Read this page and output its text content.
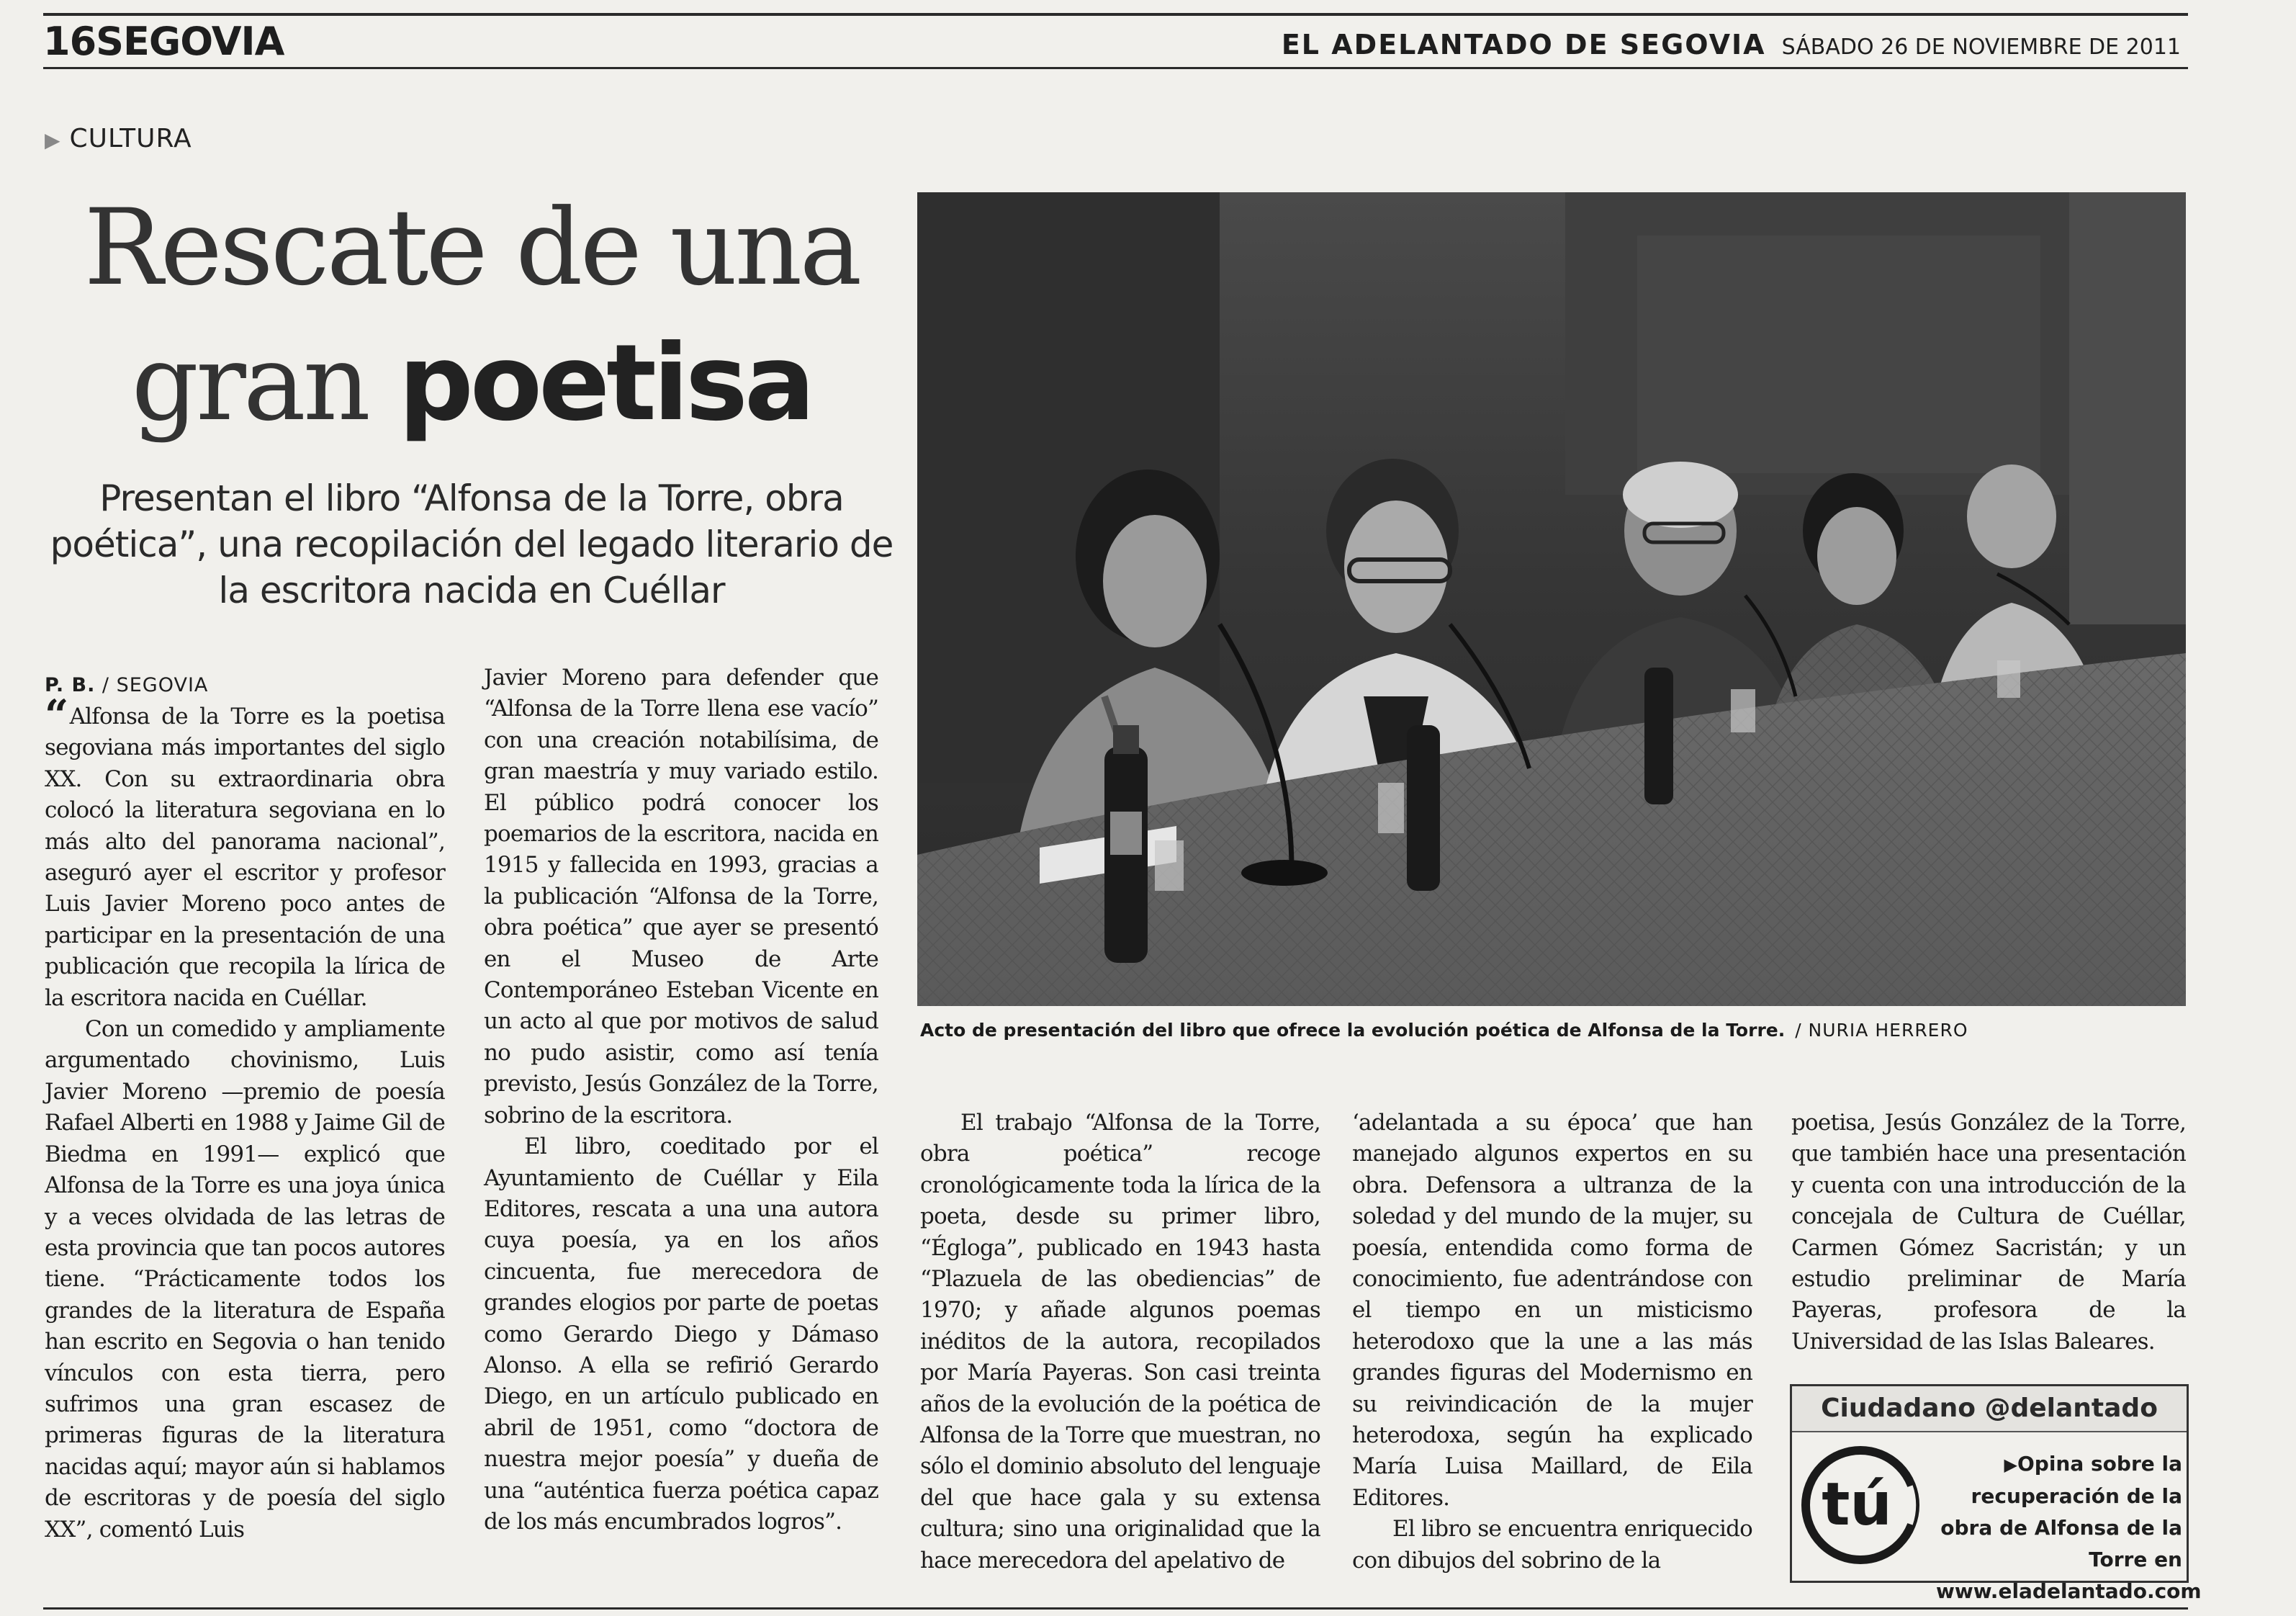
16SEGOVIA	EL ADELANTADO DE SEGOVIA SÁBADO 26 DE NOVIEMBRE DE 2011
▶ CULTURA
Rescate de una
gran poetisa
Presentan el libro “Alfonsa de la Torre, obra poética”, una recopilación del legado literario de la escritora nacida en Cuéllar
Acto de presentación del libro que ofrece la evolución poética de Alfonsa de la Torre. / NURIA HERRERO
P. B. / SEGOVIA

“Alfonsa de la Torre es la poetisa segoviana más importantes del siglo XX. Con su extraordinaria obra colocó la literatura segoviana en lo más alto del panorama nacional”, aseguró ayer el escritor y profesor Luis Javier Moreno poco antes de participar en la presentación de una publicación que recopila la lírica de la escritora nacida en Cuéllar.

Con un comedido y ampliamente argumentado chovinismo, Luis Javier Moreno —premio de poesía Rafael Alberti en 1988 y Jaime Gil de Biedma en 1991— explicó que Alfonsa de la Torre es una joya única y a veces olvidada de las letras de esta provincia que tan pocos autores tiene. “Prácticamente todos los grandes de la literatura de España han escrito en Segovia o han tenido vínculos con esta tierra, pero sufrimos una gran escasez de primeras figuras de la literatura nacidas aquí; mayor aún si hablamos de escritoras y de poesía del siglo XX”, comentó Luis

Javier Moreno para defender que “Alfonsa de la Torre llena ese vacío” con una creación notabilísima, de gran maestría y muy variado estilo. El público podrá conocer los poemarios de la escritora, nacida en 1915 y fallecida en 1993, gracias a la publicación “Alfonsa de la Torre, obra poética” que ayer se presentó en el Museo de Arte Contemporáneo Esteban Vicente en un acto al que por motivos de salud no pudo asistir, como así tenía previsto, Jesús González de la Torre, sobrino de la escritora.

El libro, coeditado por el Ayuntamiento de Cuéllar y Eila Editores, rescata a una una autora cuya poesía, ya en los años cincuenta, fue merecedora de grandes elogios por parte de poetas como Gerardo Diego y Dámaso Alonso. A ella se refirió Gerardo Diego, en un artículo publicado en abril de 1951, como “doctora de nuestra mejor poesía” y dueña de una “auténtica fuerza poética capaz de los más encumbrados logros”.

El trabajo “Alfonsa de la Torre, obra poética” recoge cronológicamente toda la lírica de la poeta, desde su primer libro, “Égloga”, publicado en 1943 hasta “Plazuela de las obediencias” de 1970; y añade algunos poemas inéditos de la autora, recopilados por María Payeras. Son casi treinta años de la evolución de la poética de Alfonsa de la Torre que muestran, no sólo el dominio absoluto del lenguaje del que hace gala y su extensa cultura; sino una originalidad que la hace merecedora del apelativo de

‘adelantada a su época’ que han manejado algunos expertos en su obra. Defensora a ultranza de la soledad y del mundo de la mujer, su poesía, entendida como forma de conocimiento, fue adentrándose con el tiempo en un misticismo heterodoxo que la une a las más grandes figuras del Modernismo en su reivindicación de la mujer heterodoxa, según ha explicado María Luisa Maillard, de Eila Editores.

El libro se encuentra enriquecido con dibujos del sobrino de la

poetisa, Jesús González de la Torre, que también hace una presentación y cuenta con una introducción de la concejala de Cultura de Cuéllar, Carmen Gómez Sacristán; y un estudio preliminar de María Payeras, profesora de la Universidad de las Islas Baleares.

Ciudadano @delantado
tú
▶Opina sobre la recuperación de la obra de Alfonsa de la Torre en www.eladelantado.com
